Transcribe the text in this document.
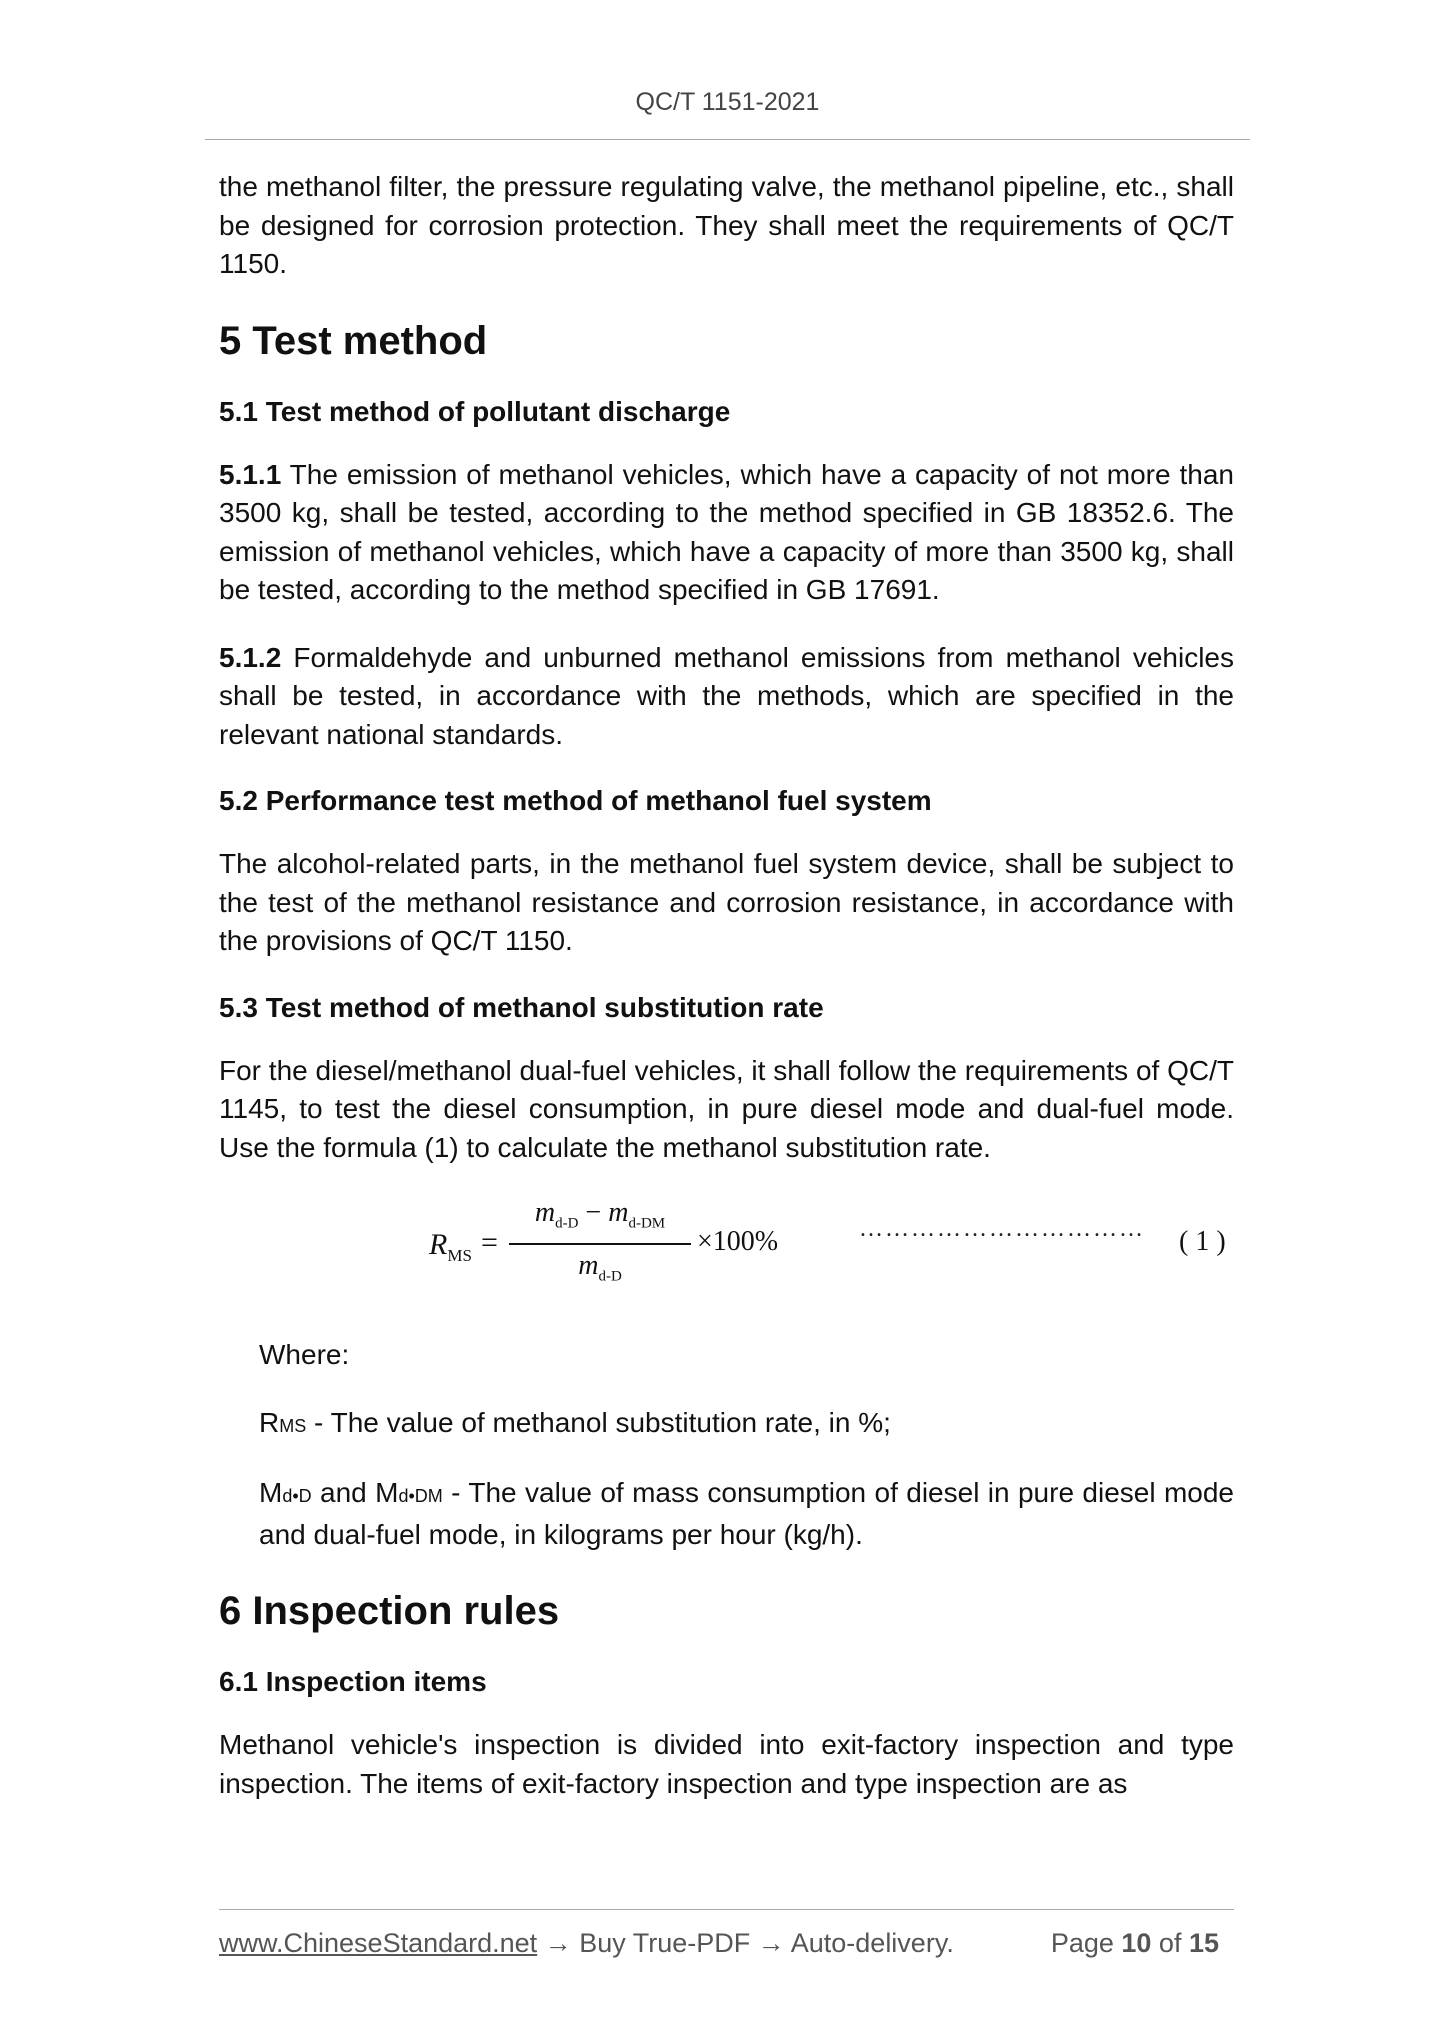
QC/T 1151-2021

the methanol filter, the pressure regulating valve, the methanol pipeline, etc., shall be designed for corrosion protection. They shall meet the requirements of QC/T 1150.

5 Test method
5.1 Test method of pollutant discharge

5.1.1 The emission of methanol vehicles, which have a capacity of not more than 3500 kg, shall be tested, according to the method specified in GB 18352.6. The emission of methanol vehicles, which have a capacity of more than 3500 kg, shall be tested, according to the method specified in GB 17691.

5.1.2 Formaldehyde and unburned methanol emissions from methanol vehicles shall be tested, in accordance with the methods, which are specified in the relevant national standards.

5.2 Performance test method of methanol fuel system

The alcohol-related parts, in the methanol fuel system device, shall be subject to the test of the methanol resistance and corrosion resistance, in accordance with the provisions of QC/T 1150.

5.3 Test method of methanol substitution rate

For the diesel/methanol dual-fuel vehicles, it shall follow the requirements of QC/T 1145, to test the diesel consumption, in pure diesel mode and dual-fuel mode. Use the formula (1) to calculate the methanol substitution rate.

$R_{MS}$ =
$m_{d-D} - m_{d-DM}$
$m_{d-D}$
×100%	…………………………… ( 1 )

Where:

RMS - The value of methanol substitution rate, in %;

Md•D and Md•DM - The value of mass consumption of diesel in pure diesel mode and dual-fuel mode, in kilograms per hour (kg/h).

6 Inspection rules
6.1 Inspection items

Methanol vehicle's inspection is divided into exit-factory inspection and type inspection. The items of exit-factory inspection and type inspection are as

www.ChineseStandard.net → Buy True-PDF → Auto-delivery.	Page 10 of 15
